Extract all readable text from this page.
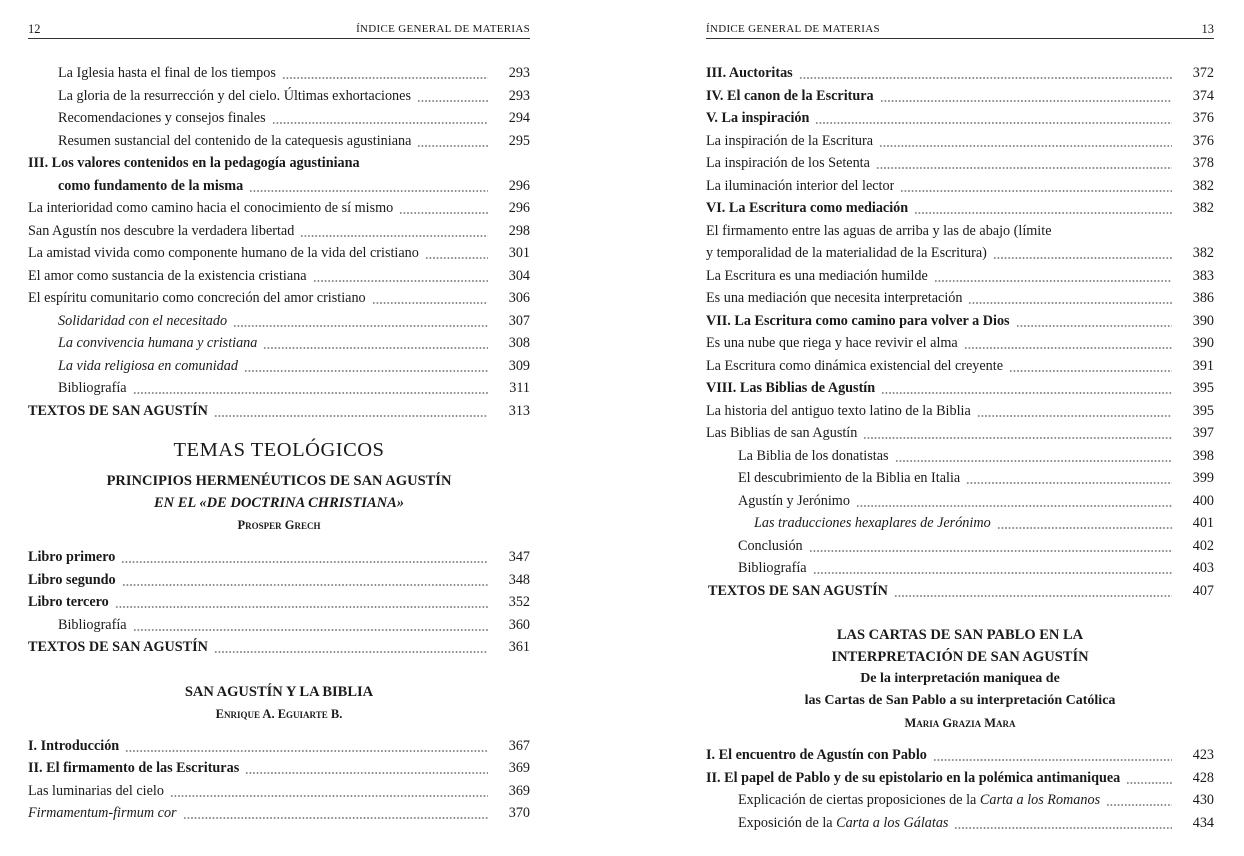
12	ÍNDICE GENERAL DE MATERIAS
La Iglesia hasta el final de los tiempos	293
La gloria de la resurrección y del cielo. Últimas exhortaciones	293
Recomendaciones y consejos finales	294
Resumen sustancial del contenido de la catequesis agustiniana	295
III. Los valores contenidos en la pedagogía agustiniana
como fundamento de la misma	296
La interioridad como camino hacia el conocimiento de sí mismo	296
San Agustín nos descubre la verdadera libertad	298
La amistad vivida como componente humano de la vida del cristiano	301
El amor como sustancia de la existencia cristiana	304
El espíritu comunitario como concreción del amor cristiano	306
Solidaridad con el necesitado	307
La convivencia humana y cristiana	308
La vida religiosa en comunidad	309
Bibliografía	311
TEXTOS DE SAN AGUSTÍN	313
TEMAS TEOLÓGICOS
PRINCIPIOS HERMENÉUTICOS DE SAN AGUSTÍN
EN EL «DE DOCTRINA CHRISTIANA»
Prosper Grech
Libro primero	347
Libro segundo	348
Libro tercero	352
Bibliografía	360
TEXTOS DE SAN AGUSTÍN	361
SAN AGUSTÍN Y LA BIBLIA
Enrique A. Eguiarte B.
I. Introducción	367
II. El firmamento de las Escrituras	369
Las luminarias del cielo	369
Firmamentum-firmum cor	370
ÍNDICE GENERAL DE MATERIAS	13
III. Auctoritas	372
IV. El canon de la Escritura	374
V. La inspiración	376
La inspiración de la Escritura	376
La inspiración de los Setenta	378
La iluminación interior del lector	382
VI. La Escritura como mediación	382
El firmamento entre las aguas de arriba y las de abajo (límite
y temporalidad de la materialidad de la Escritura)	382
La Escritura es una mediación humilde	383
Es una mediación que necesita interpretación	386
VII. La Escritura como camino para volver a Dios	390
Es una nube que riega y hace revivir el alma	390
La Escritura como dinámica existencial del creyente	391
VIII. Las Biblias de Agustín	395
La historia del antiguo texto latino de la Biblia	395
Las Biblias de san Agustín	397
La Biblia de los donatistas	398
El descubrimiento de la Biblia en Italia	399
Agustín y Jerónimo	400
Las traducciones hexaplares de Jerónimo	401
Conclusión	402
Bibliografía	403
TEXTOS DE SAN AGUSTÍN	407
LAS CARTAS DE SAN PABLO EN LA
INTERPRETACIÓN DE SAN AGUSTÍN
De la interpretación maniquea de
las Cartas de San Pablo a su interpretación Católica
Maria Grazia Mara
I. El encuentro de Agustín con Pablo	423
II. El papel de Pablo y de su epistolario en la polémica antimaniquea	428
Explicación de ciertas proposiciones de la Carta a los Romanos	430
Exposición de la Carta a los Gálatas	434
